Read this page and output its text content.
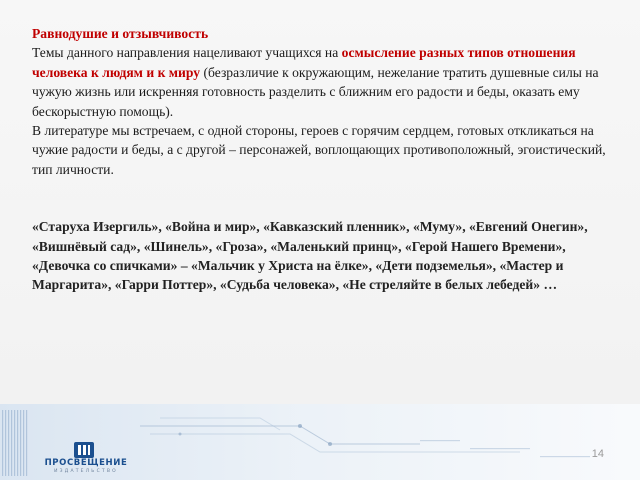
Равнодушие и отзывчивость

Темы данного направления нацеливают учащихся на осмысление разных типов отношения человека к людям и к миру (безразличие к окружающим, нежелание тратить душевные силы на чужую жизнь или искренняя готовность разделить с ближним его радости и беды, оказать ему бескорыстную помощь).

В литературе мы встречаем, с одной стороны, героев с горячим сердцем, готовых откликаться на чужие радости и беды, а с другой – персонажей, воплощающих противоположный, эгоистический, тип личности.

«Старуха Изергиль», «Война и мир», «Кавказский пленник», «Муму», «Евгений Онегин», «Вишнёвый сад», «Шинель», «Гроза», «Маленький принц», «Герой Нашего Времени», «Девочка со спичками» – «Мальчик у Христа на ёлке», «Дети подземелья», «Мастер и Маргарита», «Гарри Поттер», «Судьба человека», «Не стреляйте в белых лебедей» …

ПРОСВЕЩЕНИЕ
ИЗДАТЕЛЬСТВО
14
